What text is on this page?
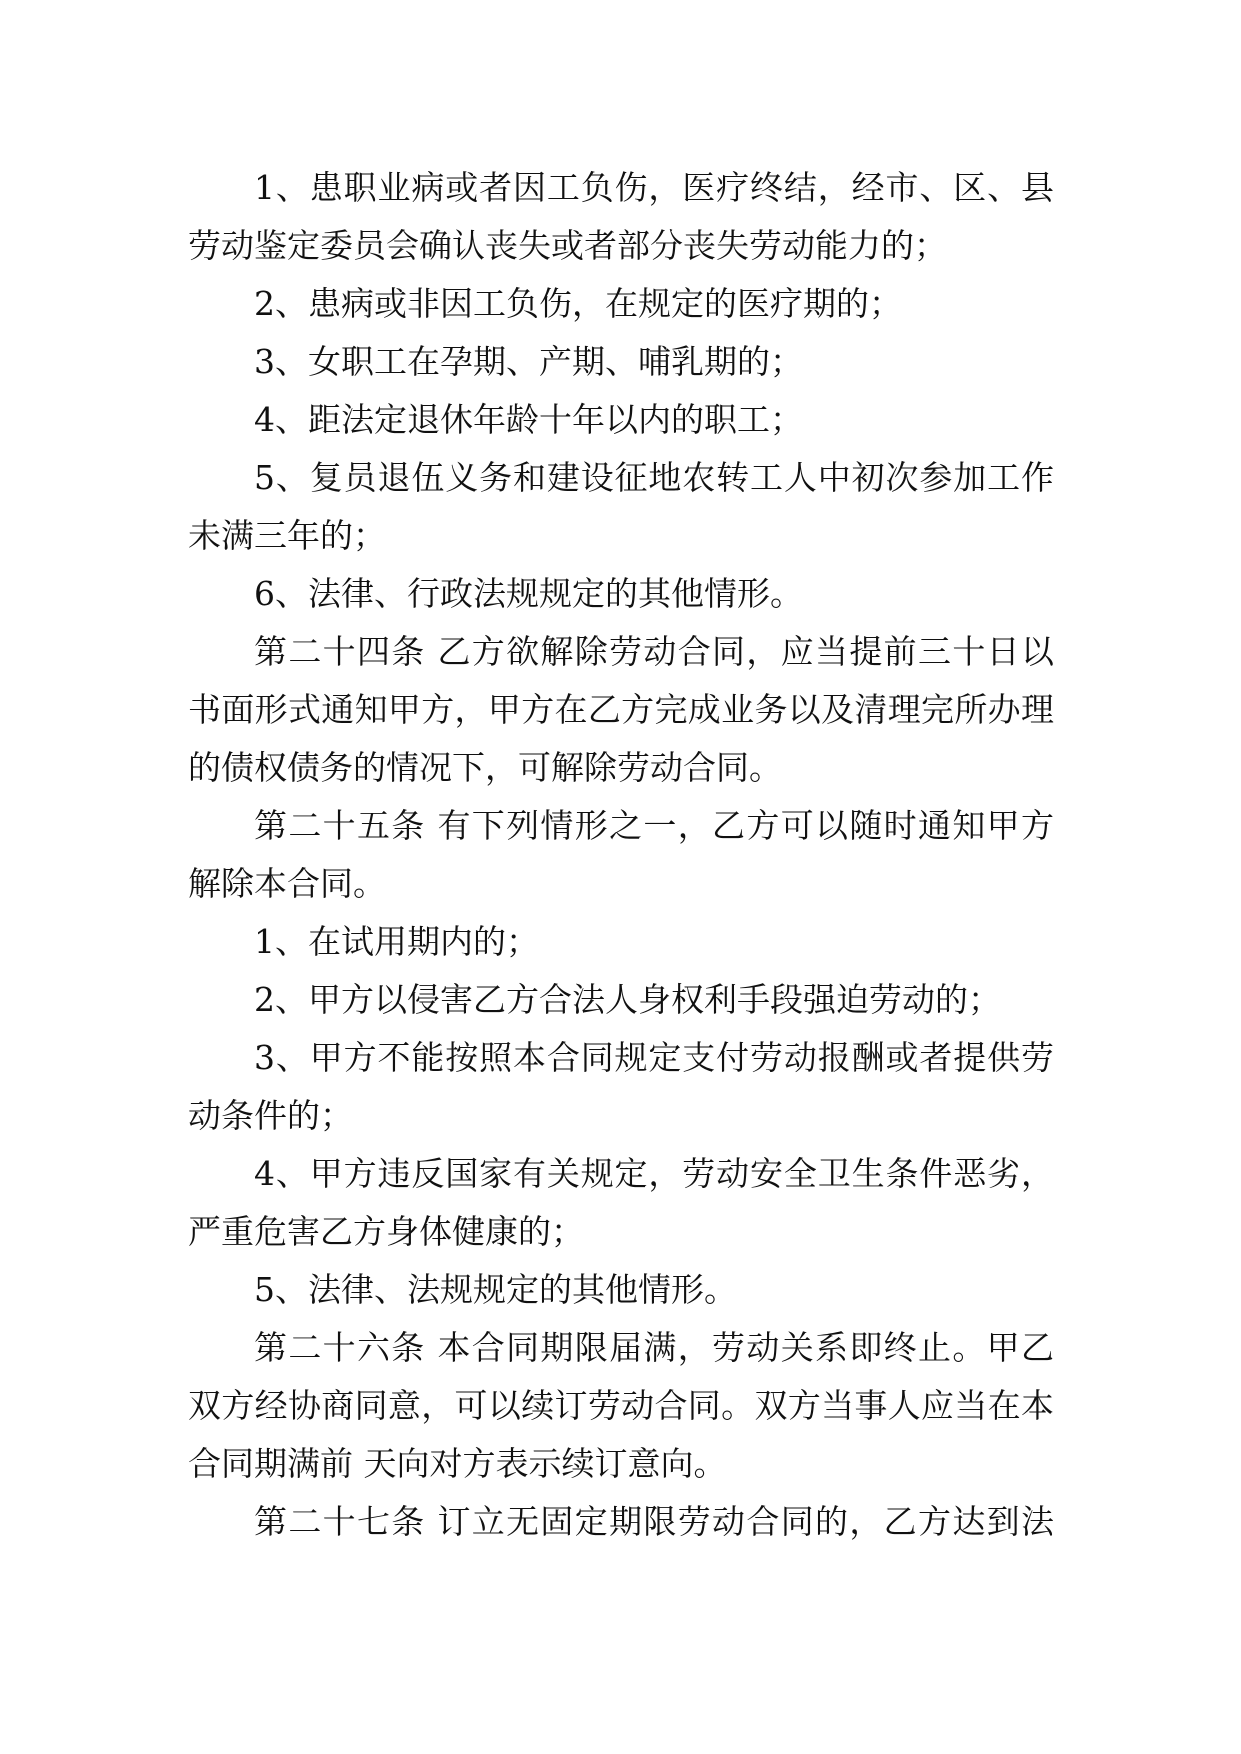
1、患职业病或者因工负伤，医疗终结，经市、区、县
劳动鉴定委员会确认丧失或者部分丧失劳动能力的；
2、患病或非因工负伤，在规定的医疗期的；
3、女职工在孕期、产期、哺乳期的；
4、距法定退休年龄十年以内的职工；
5、复员退伍义务和建设征地农转工人中初次参加工作
未满三年的；
6、法律、行政法规规定的其他情形。
第二十四条 乙方欲解除劳动合同，应当提前三十日以
书面形式通知甲方，甲方在乙方完成业务以及清理完所办理
的债权债务的情况下，可解除劳动合同。
第二十五条 有下列情形之一，乙方可以随时通知甲方
解除本合同。
1、在试用期内的；
2、甲方以侵害乙方合法人身权利手段强迫劳动的；
3、甲方不能按照本合同规定支付劳动报酬或者提供劳
动条件的；
4、甲方违反国家有关规定，劳动安全卫生条件恶劣，
严重危害乙方身体健康的；
5、法律、法规规定的其他情形。
第二十六条 本合同期限届满，劳动关系即终止。甲乙
双方经协商同意，可以续订劳动合同。双方当事人应当在本
合同期满前 天向对方表示续订意向。
第二十七条 订立无固定期限劳动合同的，乙方达到法
